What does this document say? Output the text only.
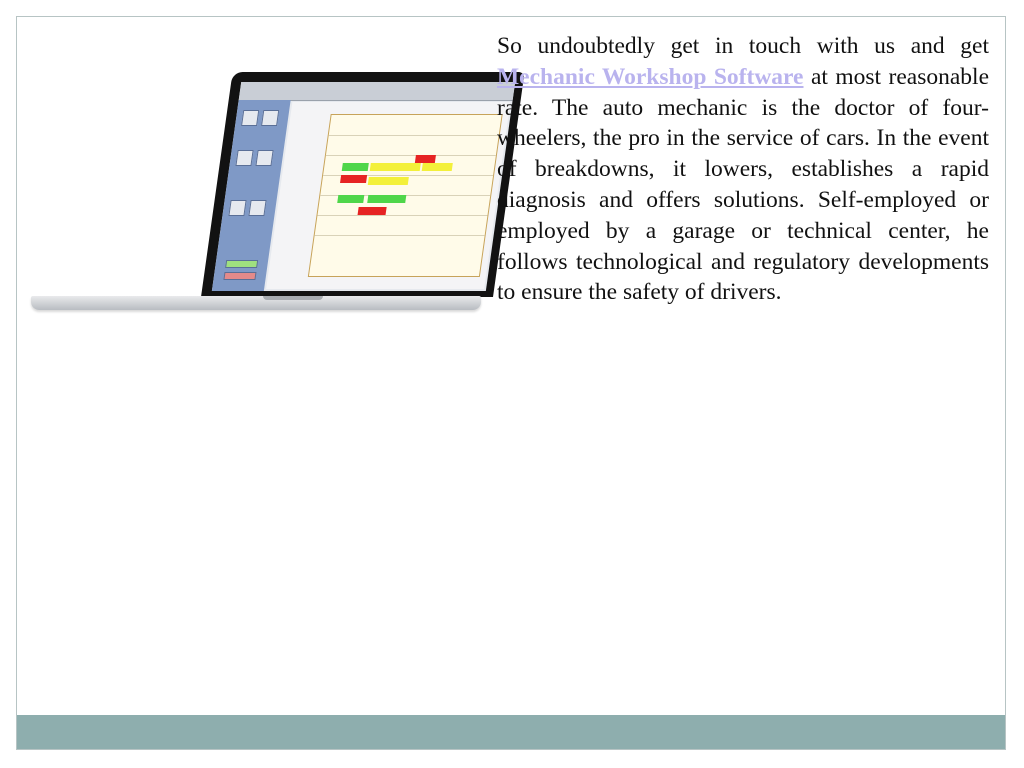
So undoubtedly get in touch with us and get Mechanic Workshop Software at most reasonable rate. The auto mechanic is the doctor of four-wheelers, the pro in the service of cars. In the event of breakdowns, it lowers, establishes a rapid diagnosis and offers solutions. Self-employed or employed by a garage or technical center, he follows technological and regulatory developments to ensure the safety of drivers.
